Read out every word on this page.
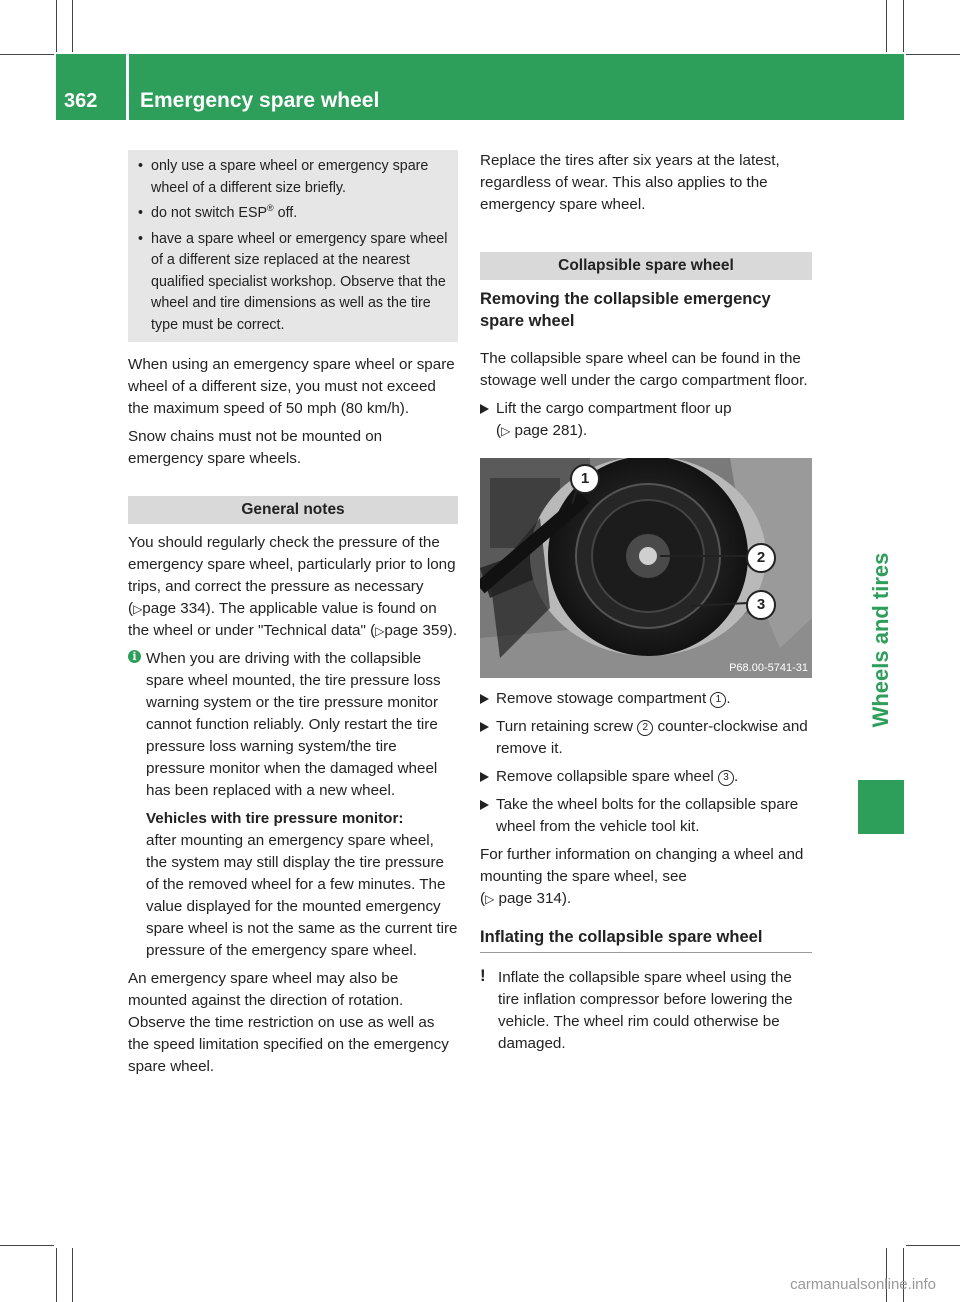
362	Emergency spare wheel
Wheels and tires
• only use a spare wheel or emergency spare wheel of a different size briefly.
• do not switch ESP® off.
• have a spare wheel or emergency spare wheel of a different size replaced at the nearest qualified specialist workshop. Observe that the wheel and tire dimensions as well as the tire type must be correct.

When using an emergency spare wheel or spare wheel of a different size, you must not exceed the maximum speed of 50 mph (80 km/h).

Snow chains must not be mounted on emergency spare wheels.

General notes

You should regularly check the pressure of the emergency spare wheel, particularly prior to long trips, and correct the pressure as necessary (▷page 334). The applicable value is found on the wheel or under "Technical data" (▷page 359).

i When you are driving with the collapsible spare wheel mounted, the tire pressure loss warning system or the tire pressure monitor cannot function reliably. Only restart the tire pressure loss warning system/the tire pressure monitor when the damaged wheel has been replaced with a new wheel.

Vehicles with tire pressure monitor:

after mounting an emergency spare wheel, the system may still display the tire pressure of the removed wheel for a few minutes. The value displayed for the mounted emergency spare wheel is not the same as the current tire pressure of the emergency spare wheel.

An emergency spare wheel may also be mounted against the direction of rotation. Observe the time restriction on use as well as the speed limitation specified on the emergency spare wheel.

Replace the tires after six years at the latest, regardless of wear. This also applies to the emergency spare wheel.

Collapsible spare wheel
Removing the collapsible emergency spare wheel

The collapsible spare wheel can be found in the stowage well under the cargo compartment floor.

Lift the cargo compartment floor up
(▷ page 281).
1
2
3
P68.00-5741-31
Remove stowage compartment 1 .
Turn retaining screw 2 counter-clockwise and remove it.
Remove collapsible spare wheel 3 .
Take the wheel bolts for the collapsible spare wheel from the vehicle tool kit.

For further information on changing a wheel and mounting the spare wheel, see
(▷ page 314).

Inflating the collapsible spare wheel
! Inflate the collapsible spare wheel using the tire inflation compressor before lowering the vehicle. The wheel rim could otherwise be damaged.

carmanualsonline.info
